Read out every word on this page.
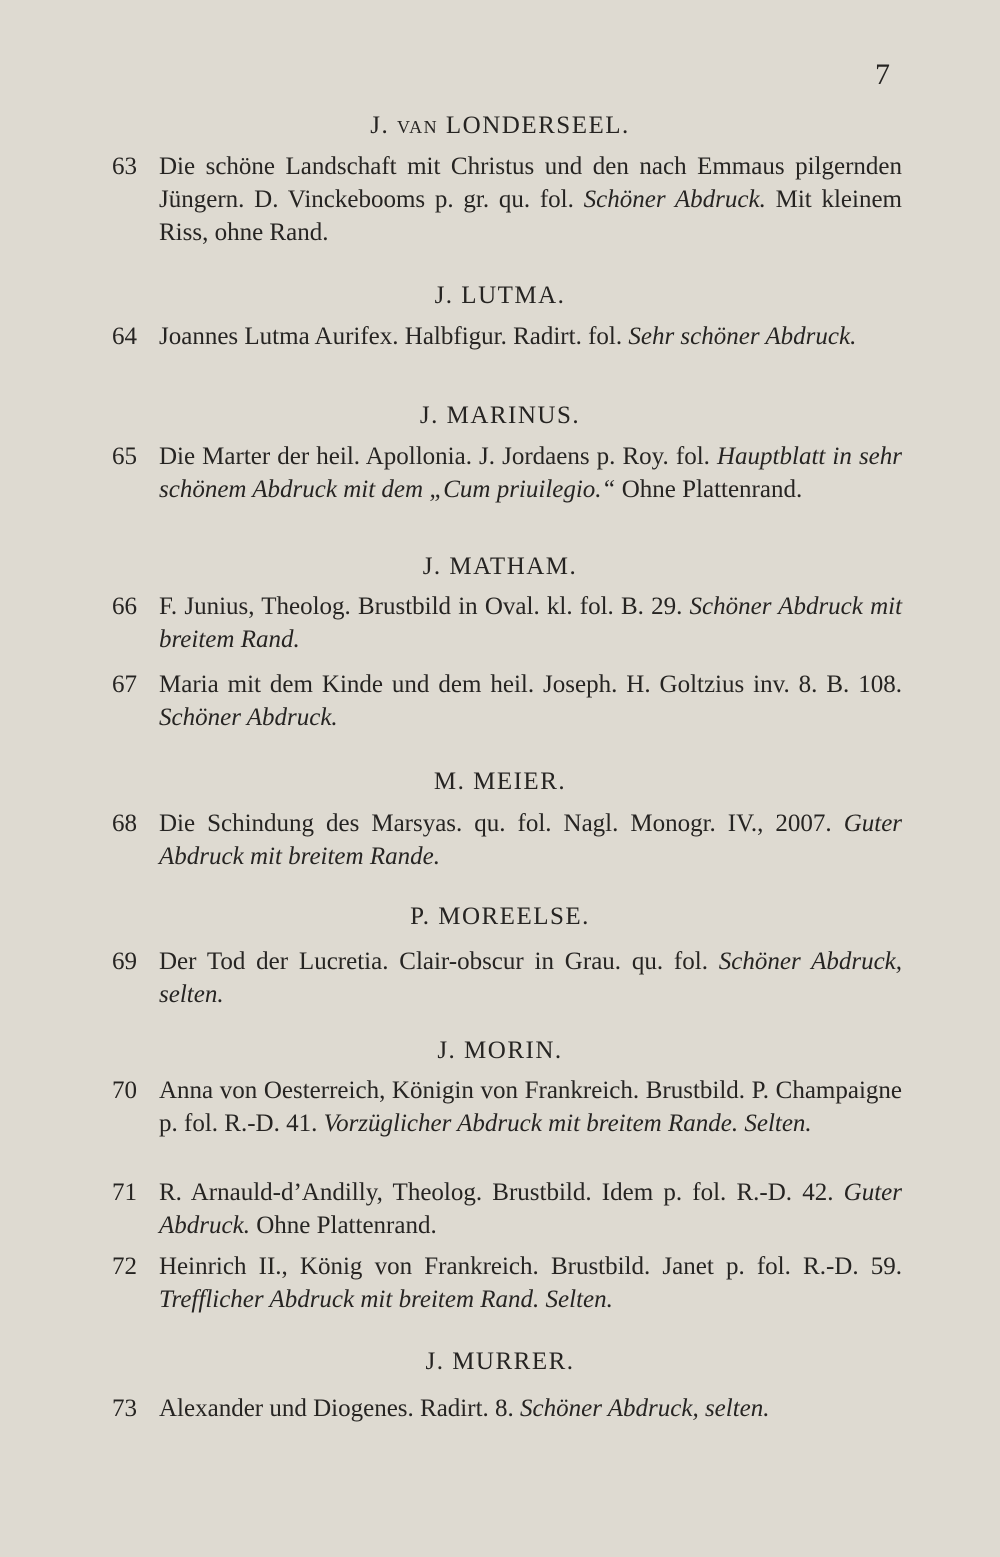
7
J. VAN LONDERSEEL.
63 Die schöne Landschaft mit Christus und den nach Emmaus pilgernden Jüngern. D. Vinckebooms p. gr. qu. fol. Schöner Abdruck. Mit kleinem Riss, ohne Rand.
J. LUTMA.
64 Joannes Lutma Aurifex. Halbfigur. Radirt. fol. Sehr schöner Abdruck.
J. MARINUS.
65 Die Marter der heil. Apollonia. J. Jordaens p. Roy. fol. Hauptblatt in sehr schönem Abdruck mit dem „Cum priuilegio.“ Ohne Plattenrand.
J. MATHAM.
66 F. Junius, Theolog. Brustbild in Oval. kl. fol. B. 29. Schöner Abdruck mit breitem Rand.
67 Maria mit dem Kinde und dem heil. Joseph. H. Goltzius inv. 8. B. 108. Schöner Abdruck.
M. MEIER.
68 Die Schindung des Marsyas. qu. fol. Nagl. Monogr. IV., 2007. Guter Abdruck mit breitem Rande.
P. MOREELSE.
69 Der Tod der Lucretia. Clair-obscur in Grau. qu. fol. Schöner Abdruck, selten.
J. MORIN.
70 Anna von Oesterreich, Königin von Frankreich. Brustbild. P. Champaigne p. fol. R.-D. 41. Vorzüglicher Abdruck mit breitem Rande. Selten.
71 R. Arnauld-d’Andilly, Theolog. Brustbild. Idem p. fol. R.-D. 42. Guter Abdruck. Ohne Plattenrand.
72 Heinrich II., König von Frankreich. Brustbild. Janet p. fol. R.-D. 59. Trefflicher Abdruck mit breitem Rand. Selten.
J. MURRER.
73 Alexander und Diogenes. Radirt. 8. Schöner Abdruck, selten.
